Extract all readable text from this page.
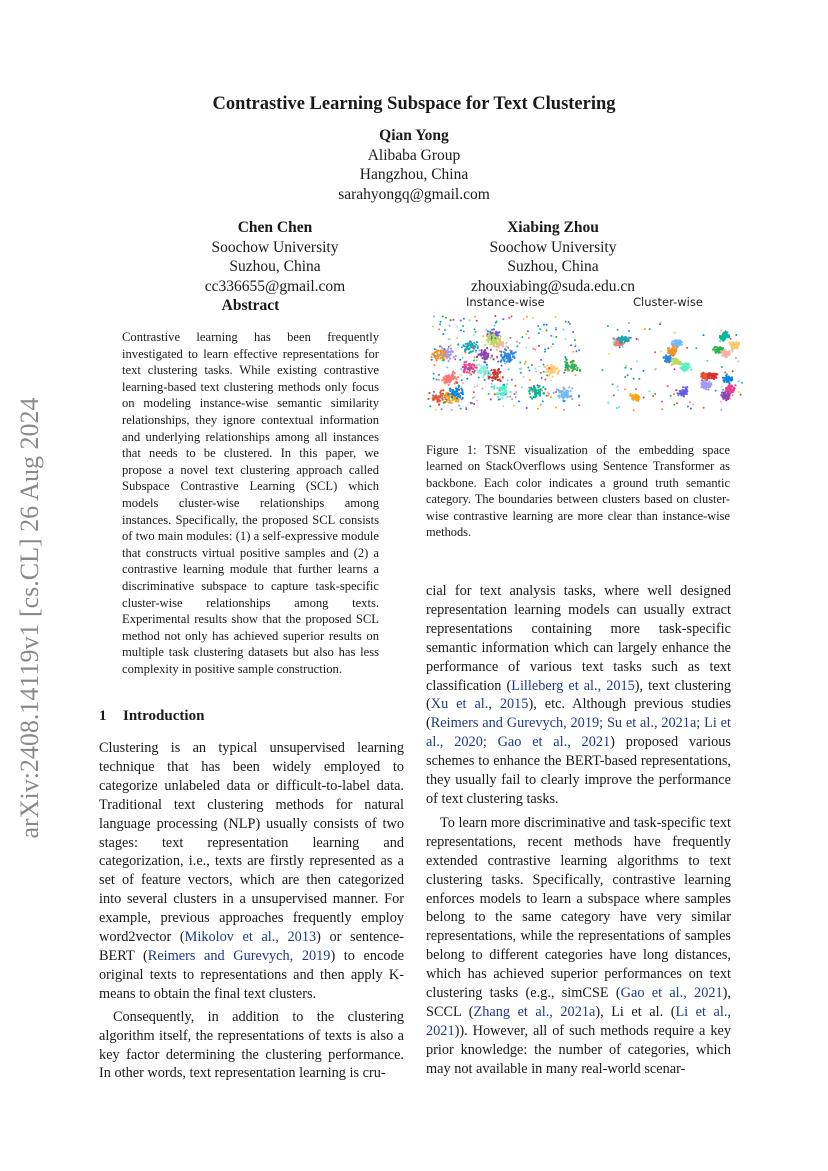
Contrastive Learning Subspace for Text Clustering
Qian Yong
Alibaba Group
Hangzhou, China
sarahyongq@gmail.com
Chen Chen
Soochow University
Suzhou, China
cc336655@gmail.com
Xiabing Zhou
Soochow University
Suzhou, China
zhouxiabing@suda.edu.cn
arXiv:2408.14119v1 [cs.CL] 26 Aug 2024
Abstract
Contrastive learning has been frequently investigated to learn effective representations for text clustering tasks. While existing contrastive learning-based text clustering methods only focus on modeling instance-wise semantic similarity relationships, they ignore contextual information and underlying relationships among all instances that needs to be clustered. In this paper, we propose a novel text clustering approach called Subspace Contrastive Learning (SCL) which models cluster-wise relationships among instances. Specifically, the proposed SCL consists of two main modules: (1) a self-expressive module that constructs virtual positive samples and (2) a contrastive learning module that further learns a discriminative subspace to capture task-specific cluster-wise relationships among texts. Experimental results show that the proposed SCL method not only has achieved superior results on multiple task clustering datasets but also has less complexity in positive sample construction.
1 Introduction

Clustering is an typical unsupervised learning technique that has been widely employed to categorize unlabeled data or difficult-to-label data. Traditional text clustering methods for natural language processing (NLP) usually consists of two stages: text representation learning and categorization, i.e., texts are firstly represented as a set of feature vectors, which are then categorized into several clusters in a unsupervised manner. For example, previous approaches frequently employ word2vector (Mikolov et al., 2013) or sentence-BERT (Reimers and Gurevych, 2019) to encode original texts to representations and then apply K-means to obtain the final text clusters.

Consequently, in addition to the clustering algorithm itself, the representations of texts is also a key factor determining the clustering performance. In other words, text representation learning is cru-

Instance-wise	Cluster-wise
Figure 1: TSNE visualization of the embedding space learned on StackOverflows using Sentence Transformer as backbone. Each color indicates a ground truth semantic category. The boundaries between clusters based on cluster-wise contrastive learning are more clear than instance-wise methods.

cial for text analysis tasks, where well designed representation learning models can usually extract representations containing more task-specific semantic information which can largely enhance the performance of various text tasks such as text classification (Lilleberg et al., 2015), text clustering (Xu et al., 2015), etc. Although previous studies (Reimers and Gurevych, 2019; Su et al., 2021a; Li et al., 2020; Gao et al., 2021) proposed various schemes to enhance the BERT-based representations, they usually fail to clearly improve the performance of text clustering tasks.

To learn more discriminative and task-specific text representations, recent methods have frequently extended contrastive learning algorithms to text clustering tasks. Specifically, contrastive learning enforces models to learn a subspace where samples belong to the same category have very similar representations, while the representations of samples belong to different categories have long distances, which has achieved superior performances on text clustering tasks (e.g., simCSE (Gao et al., 2021), SCCL (Zhang et al., 2021a), Li et al. (Li et al., 2021)). However, all of such methods require a key prior knowledge: the number of categories, which may not available in many real-world scenar-
